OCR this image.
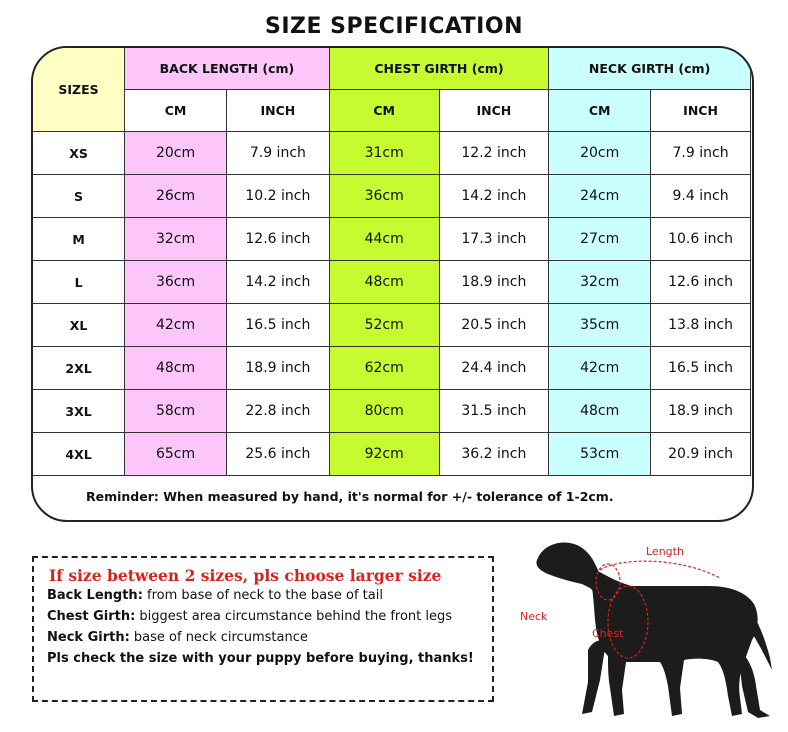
SIZE SPECIFICATION
SIZES	BACK LENGTH (cm)		CHEST GIRTH (cm)		NECK GIRTH (cm)	
	CM	INCH	CM	INCH	CM	INCH
XS	20cm	7.9 inch	31cm	12.2 inch	20cm	7.9 inch
S	26cm	10.2 inch	36cm	14.2 inch	24cm	9.4 inch
M	32cm	12.6 inch	44cm	17.3 inch	27cm	10.6 inch
L	36cm	14.2 inch	48cm	18.9 inch	32cm	12.6 inch
XL	42cm	16.5 inch	52cm	20.5 inch	35cm	13.8 inch
2XL	48cm	18.9 inch	62cm	24.4 inch	42cm	16.5 inch
3XL	58cm	22.8 inch	80cm	31.5 inch	48cm	18.9 inch
4XL	65cm	25.6 inch	92cm	36.2 inch	53cm	20.9 inch
Reminder: When measured by hand, it's normal for +/- tolerance of 1-2cm.
If size between 2 sizes, pls choose larger size
Back Length: from base of neck to the base of tail
Chest Girth: biggest area circumstance behind the front legs
Neck Girth: base of neck circumstance
Pls check the size with your puppy before buying, thanks!
Length
Neck
Chest
